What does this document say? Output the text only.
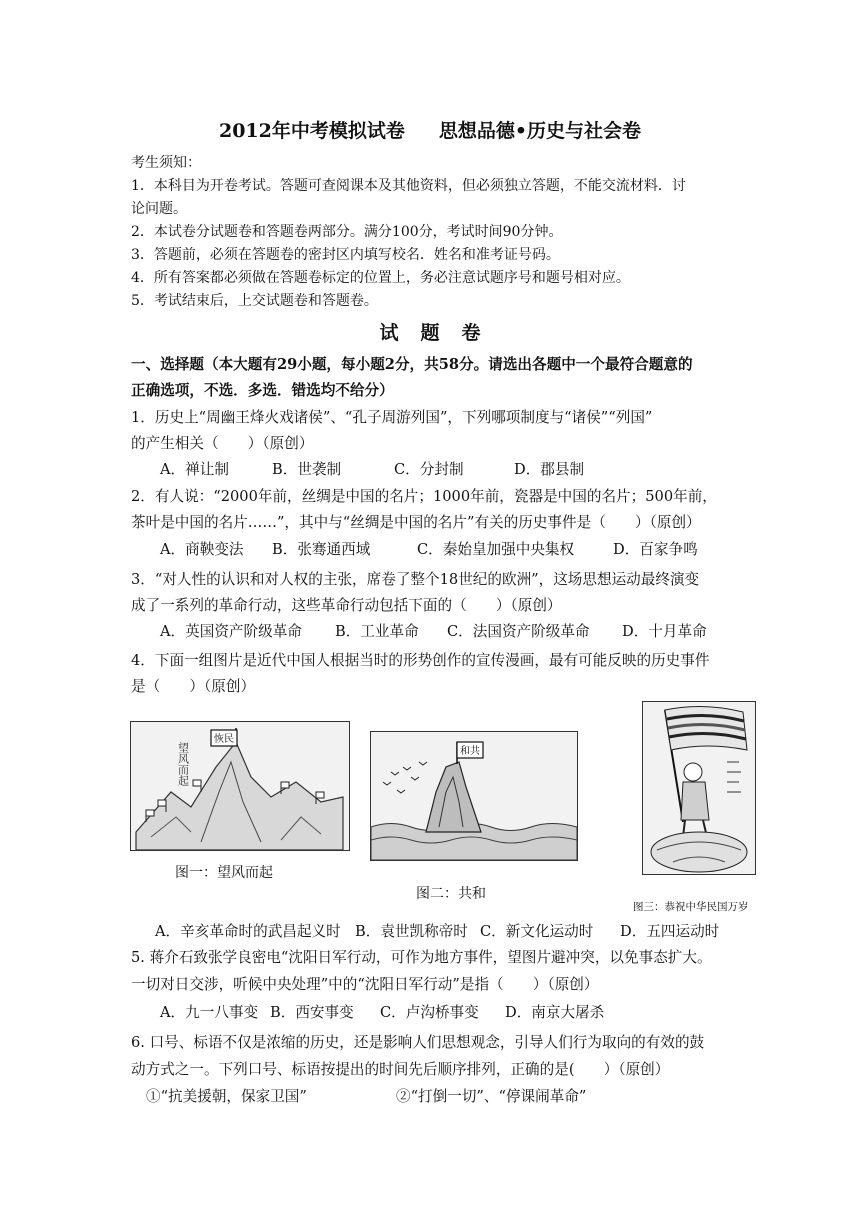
2012年中考模拟试卷 思想品德•历史与社会卷
考生须知：
1．本科目为开卷考试。答题可查阅课本及其他资料，但必须独立答题，不能交流材料．讨
论问题。
2．本试卷分试题卷和答题卷两部分。满分100分，考试时间90分钟。
3．答题前，必须在答题卷的密封区内填写校名．姓名和准考证号码。
4．所有答案都必须做在答题卷标定的位置上，务必注意试题序号和题号相对应。
5．考试结束后，上交试题卷和答题卷。
试题卷
一、选择题（本大题有29小题，每小题2分，共58分。请选出各题中一个最符合题意的
正确选项，不选．多选．错选均不给分）
1．历史上“周幽王烽火戏诸侯”、“孔子周游列国”，下列哪项制度与“诸侯”“列国”
的产生相关（　　）（原创）
A．禅让制	B．世袭制	C．分封制	D．郡县制
2．有人说：“2000年前，丝绸是中国的名片；1000年前，瓷器是中国的名片；500年前，
茶叶是中国的名片……”，其中与“丝绸是中国的名片”有关的历史事件是（　　）（原创）
A．商鞅变法 B．张骞通西域	C．秦始皇加强中央集权	D．百家争鸣
3．“对人性的认识和对人权的主张，席卷了整个18世纪的欧洲”，这场思想运动最终演变
成了一系列的革命行动，这些革命行动包括下面的（　　）（原创）
A．英国资产阶级革命 B．工业革命 C．法国资产阶级革命 D．十月革命
4．下面一组图片是近代中国人根据当时的形势创作的宣传漫画，最有可能反映的历史事件
是（　　）（原创）
恢民
望风而起
图一：望风而起
和共
图二：共和
图三：恭祝中华民国万岁
A．辛亥革命时的武昌起义时 B．袁世凯称帝时 C．新文化运动时 D．五四运动时
5. 蒋介石致张学良密电“沈阳日军行动，可作为地方事件，望图片避冲突，以免事态扩大。
一切对日交涉，听候中央处理”中的“沈阳日军行动”是指（　　）（原创）
A．九一八事变 B．西安事变 C．卢沟桥事变 D．南京大屠杀
6. 口号、标语不仅是浓缩的历史，还是影响人们思想观念，引导人们行为取向的有效的鼓
动方式之一。下列口号、标语按提出的时间先后顺序排列，正确的是(　　）（原创）
①“抗美援朝，保家卫国”	②“打倒一切”、“停课闹革命”
